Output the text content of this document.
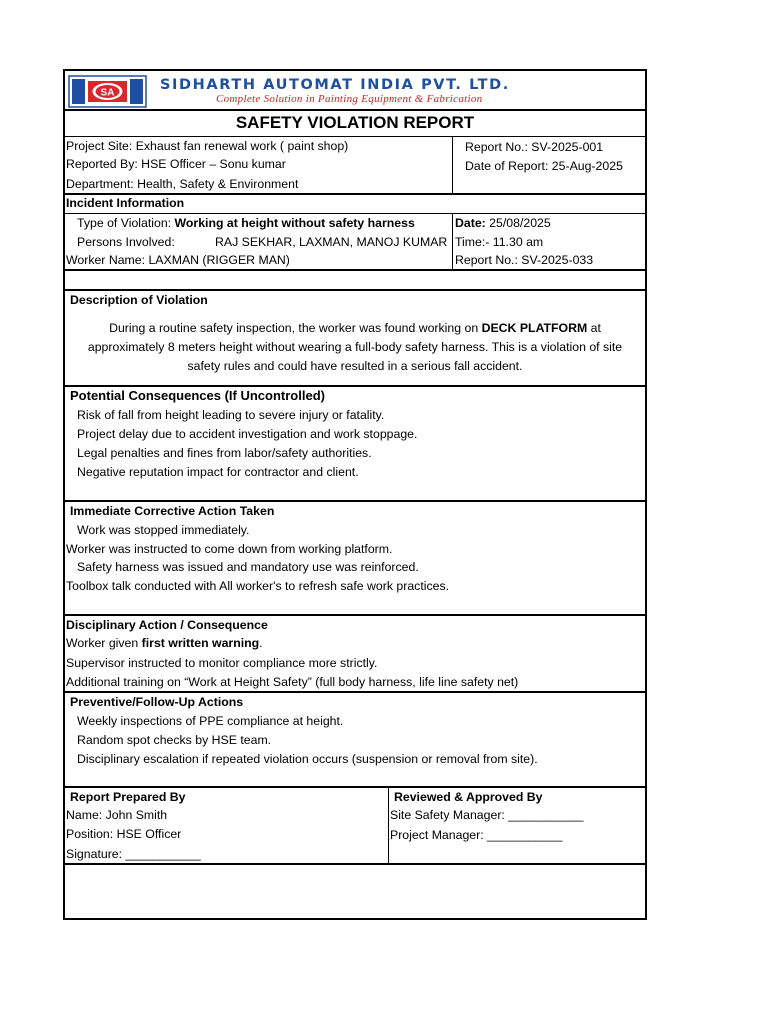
SA	SIDHARTH AUTOMAT INDIA PVT. LTD.
Complete Solution in Painting Equipment & Fabrication
SAFETY VIOLATION REPORT
Project Site: Exhaust fan renewal work ( paint shop)
Reported By: HSE Officer – Sonu kumar
Department: Health, Safety & Environment
Report No.: SV-2025-001
Date of Report: 25-Aug-2025
Incident Information
Type of Violation: Working at height without safety harness
Persons Involved:	RAJ SEKHAR, LAXMAN, MANOJ KUMAR
Worker Name: LAXMAN (RIGGER MAN)
Date: 25/08/2025
Time:- 11.30 am
Report No.: SV-2025-033
Description of Violation
During a routine safety inspection, the worker was found working on DECK PLATFORM at approximately 8 meters height without wearing a full-body safety harness. This is a violation of site safety rules and could have resulted in a serious fall accident.
Potential Consequences (If Uncontrolled)
Risk of fall from height leading to severe injury or fatality.
Project delay due to accident investigation and work stoppage.
Legal penalties and fines from labor/safety authorities.
Negative reputation impact for contractor and client.
Immediate Corrective Action Taken
Work was stopped immediately.
Worker was instructed to come down from working platform.
Safety harness was issued and mandatory use was reinforced.
Toolbox talk conducted with All worker's to refresh safe work practices.
Disciplinary Action / Consequence
Worker given first written warning.
Supervisor instructed to monitor compliance more strictly.
Additional training on “Work at Height Safety” (full body harness, life line safety net)
Preventive/Follow-Up Actions
Weekly inspections of PPE compliance at height.
Random spot checks by HSE team.
Disciplinary escalation if repeated violation occurs (suspension or removal from site).
Report Prepared By
Name: John Smith
Position: HSE Officer
Signature: ___________
Reviewed & Approved By
Site Safety Manager: ___________
Project Manager: ___________
